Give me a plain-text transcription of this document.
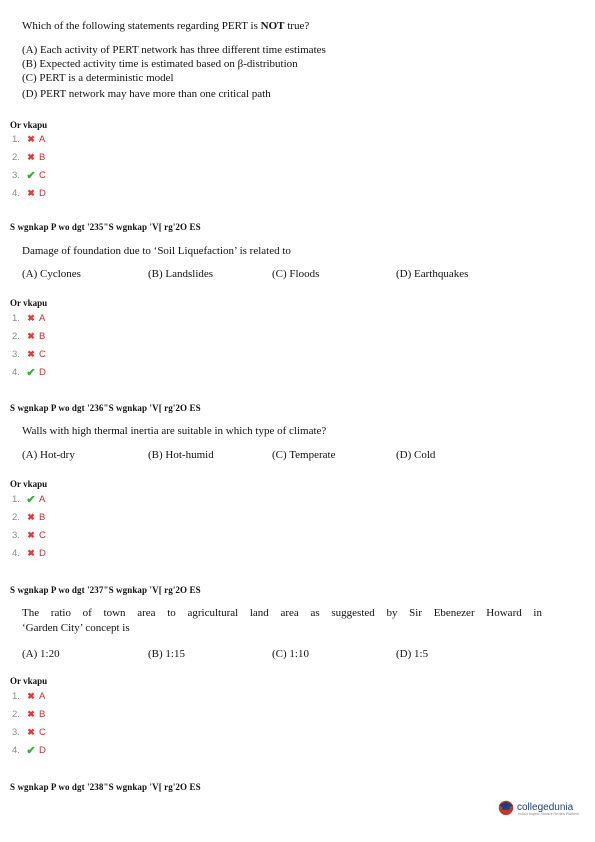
Which of the following statements regarding PERT is NOT true?
(A) Each activity of PERT network has three different time estimates
(B) Expected activity time is estimated based on β-distribution
(C) PERT is a deterministic model
(D) PERT network may have more than one critical path
Or vkapu
1. ✖ A
2. ✖ B
3. ✔ C
4. ✖ D
S wgnkap P wo dgt '235"S wgnkap 'V[ rg'2O ES
Damage of foundation due to ‘Soil Liquefaction’ is related to
(A) Cyclones	(B) Landslides	(C) Floods	(D) Earthquakes
Or vkapu
1. ✖ A
2. ✖ B
3. ✖ C
4. ✔ D
S wgnkap P wo dgt '236"S wgnkap 'V[ rg'2O ES
Walls with high thermal inertia are suitable in which type of climate?
(A) Hot-dry	(B) Hot-humid	(C) Temperate	(D) Cold
Or vkapu
1. ✔ A
2. ✖ B
3. ✖ C
4. ✖ D
S wgnkap P wo dgt '237"S wgnkap 'V[ rg'2O ES
The ratio of town area to agricultural land area as suggested by Sir Ebenezer Howard in
‘Garden City’ concept is
(A) 1:20	(B) 1:15	(C) 1:10	(D) 1:5
Or vkapu
1. ✖ A
2. ✖ B
3. ✖ C
4. ✔ D
S wgnkap P wo dgt '238"S wgnkap 'V[ rg'2O ES
collegedunia
India's largest Student Review Platform
